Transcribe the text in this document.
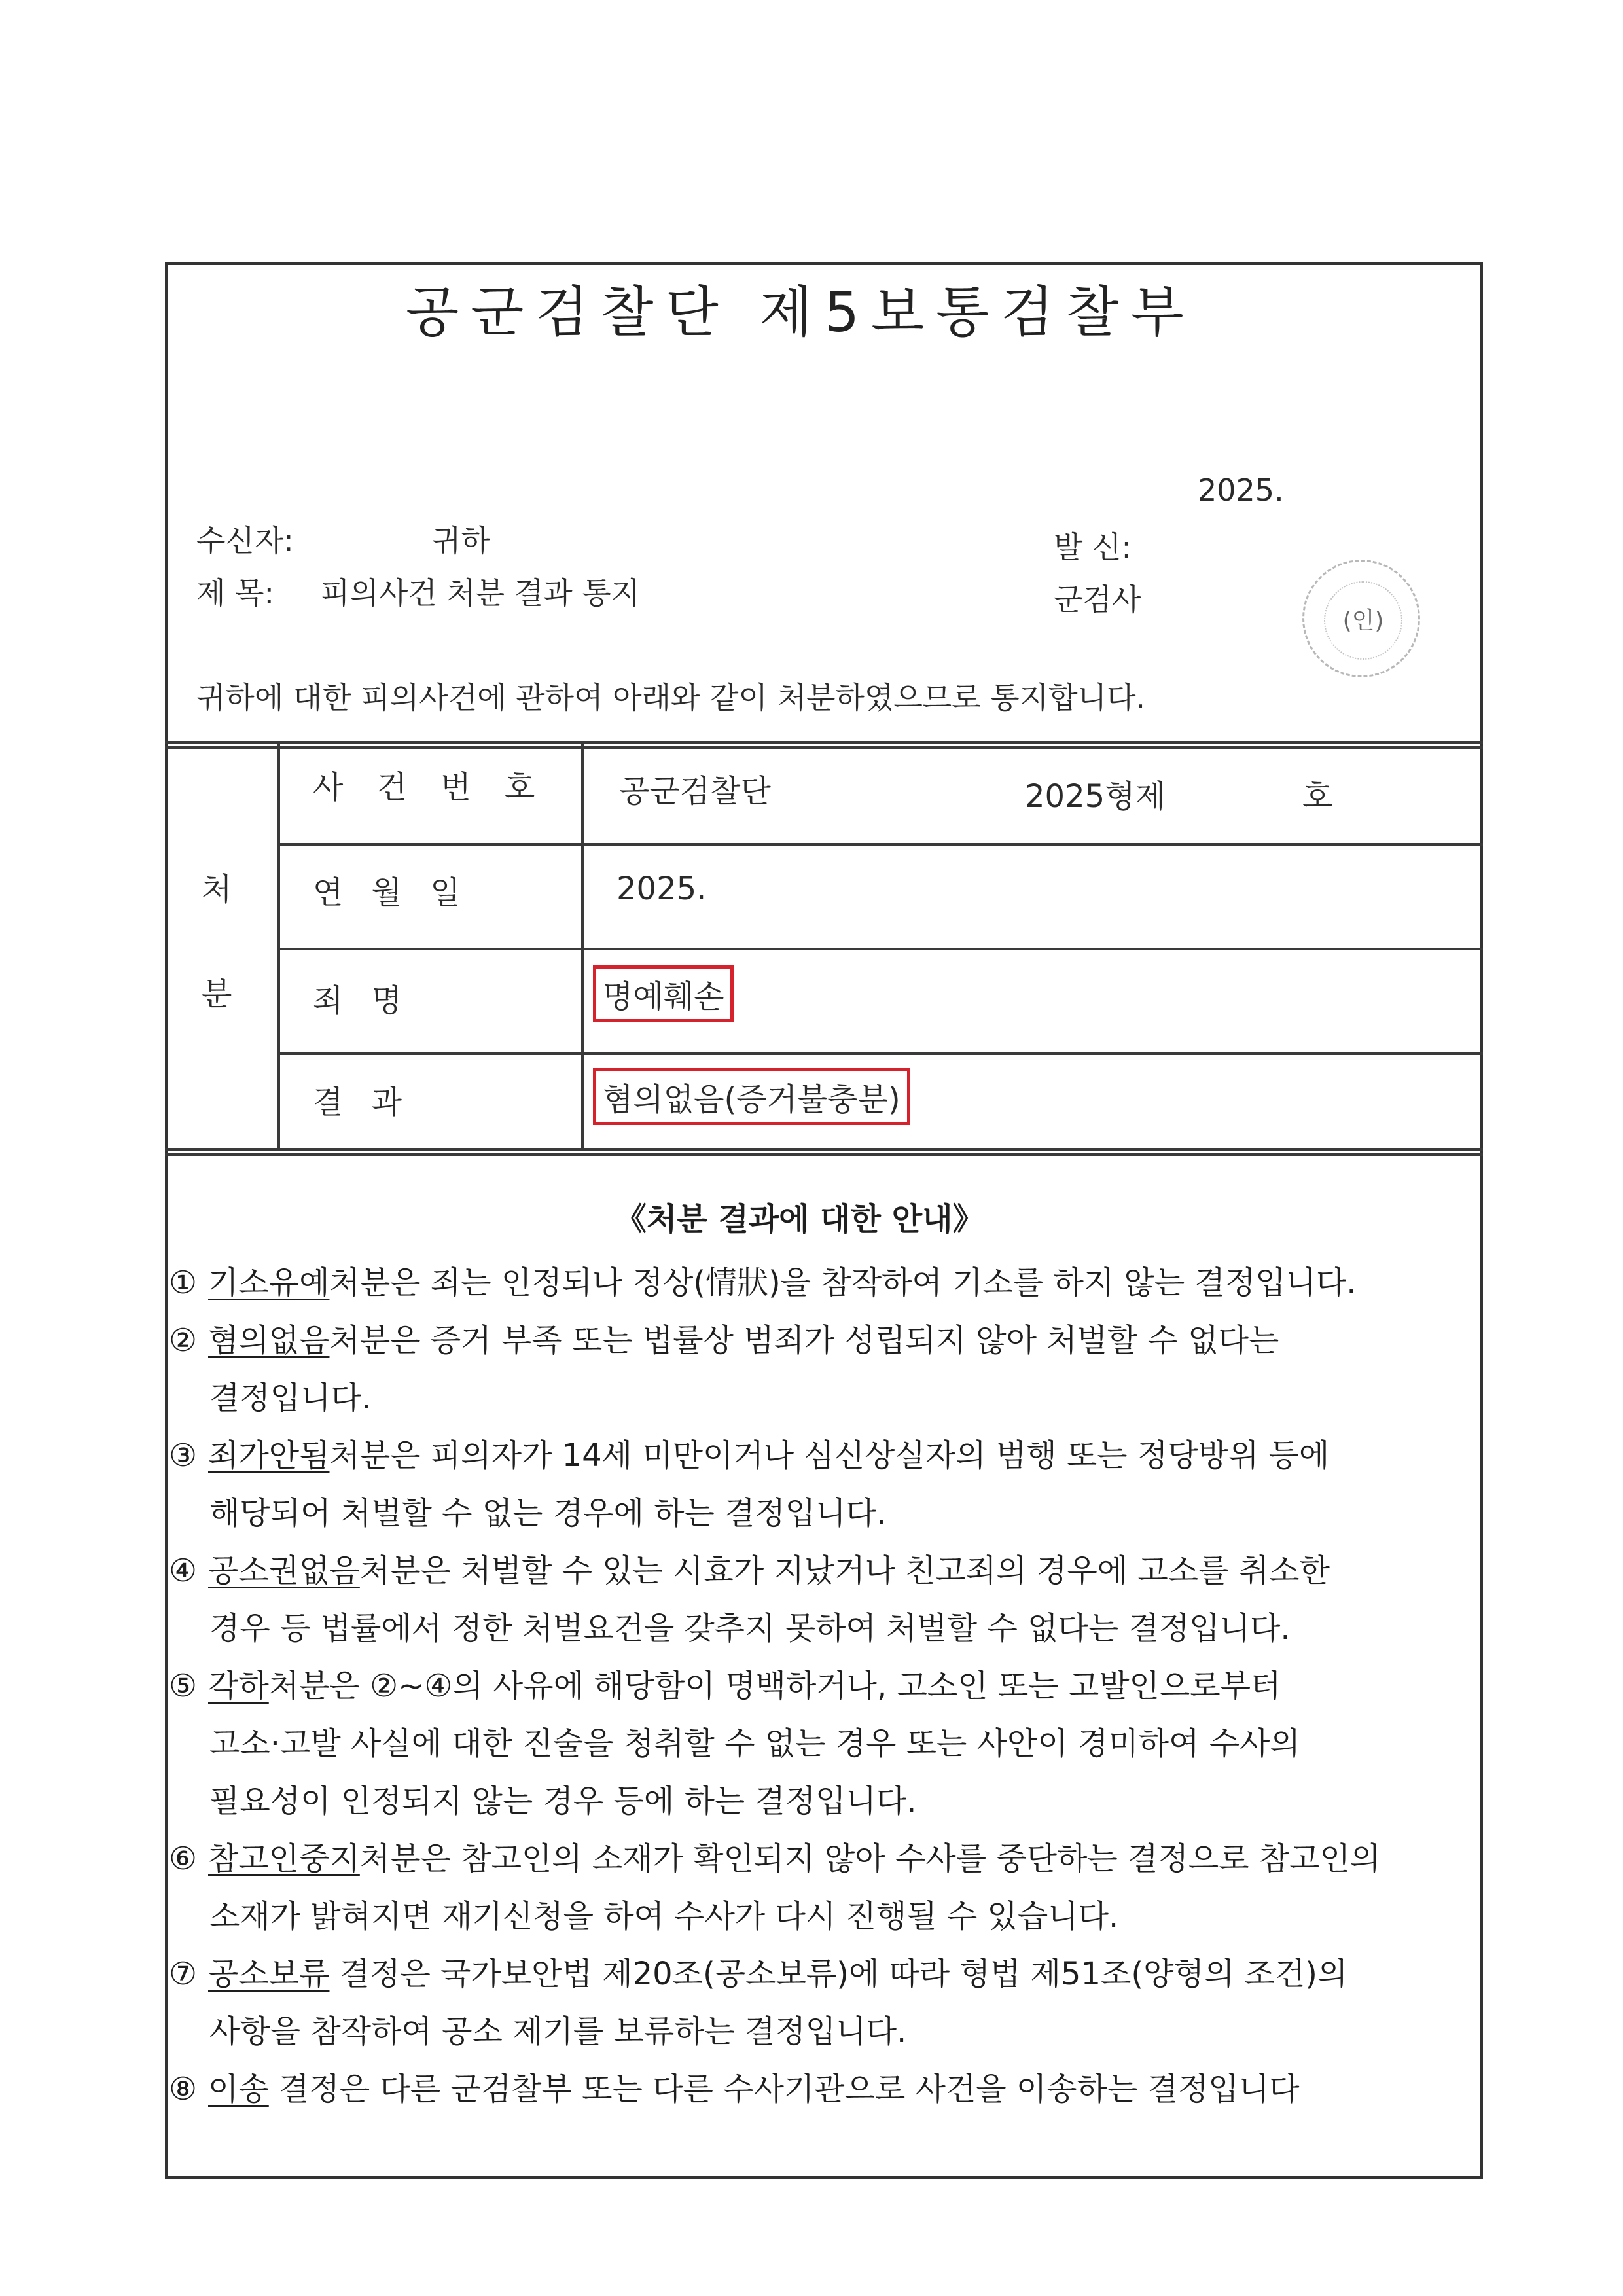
공군검찰단 제5보통검찰부
2025.
수신자:	귀하
제 목: 피의사건 처분 결과 통지
발 신:
군검사
(인)
귀하에 대한 피의사건에 관하여 아래와 같이 처분하였으므로 통지합니다.
처
분
사 건 번 호 공군검찰단	2025형제	호
연 월 일	2025.
죄 명	명예훼손
결 과	혐의없음(증거불충분)
《처분 결과에 대한 안내》
① 기소유예처분은 죄는 인정되나 정상(情狀)을 참작하여 기소를 하지 않는 결정입니다.
② 혐의없음처분은 증거 부족 또는 법률상 범죄가 성립되지 않아 처벌할 수 없다는
결정입니다.
③ 죄가안됨처분은 피의자가 14세 미만이거나 심신상실자의 범행 또는 정당방위 등에
해당되어 처벌할 수 없는 경우에 하는 결정입니다.
④ 공소권없음처분은 처벌할 수 있는 시효가 지났거나 친고죄의 경우에 고소를 취소한
경우 등 법률에서 정한 처벌요건을 갖추지 못하여 처벌할 수 없다는 결정입니다.
⑤ 각하처분은 ②~④의 사유에 해당함이 명백하거나, 고소인 또는 고발인으로부터
고소·고발 사실에 대한 진술을 청취할 수 없는 경우 또는 사안이 경미하여 수사의
필요성이 인정되지 않는 경우 등에 하는 결정입니다.
⑥ 참고인중지처분은 참고인의 소재가 확인되지 않아 수사를 중단하는 결정으로 참고인의
소재가 밝혀지면 재기신청을 하여 수사가 다시 진행될 수 있습니다.
⑦ 공소보류 결정은 국가보안법 제20조(공소보류)에 따라 형법 제51조(양형의 조건)의
사항을 참작하여 공소 제기를 보류하는 결정입니다.
⑧ 이송 결정은 다른 군검찰부 또는 다른 수사기관으로 사건을 이송하는 결정입니다
